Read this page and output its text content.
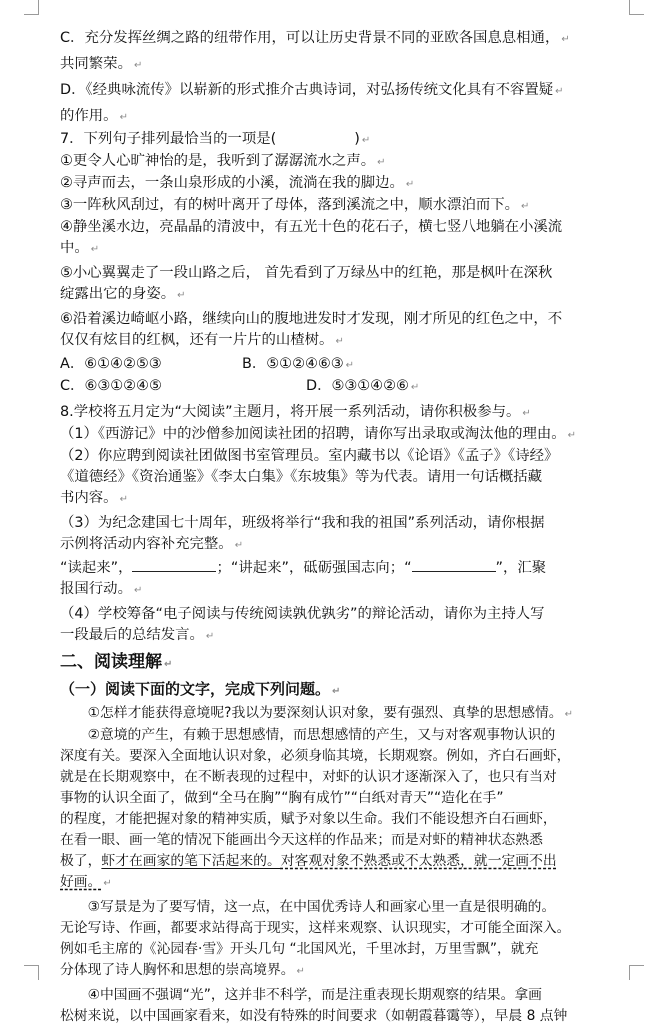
C．充分发挥丝绸之路的纽带作用，可以让历史背景不同的亚欧各国息息相通， ↵

共同繁荣。 ↵

D．《经典咏流传》以崭新的形式推介古典诗词，对弘扬传统文化具有不容置疑 ↵

的作用。 ↵

7．下列句子排列最恰当的一项是(	) ↵

①更令人心旷神怡的是，我听到了潺潺流水之声。 ↵

②寻声而去，一条山泉形成的小溪，流淌在我的脚边。 ↵

③一阵秋风刮过，有的树叶离开了母体，落到溪流之中，顺水漂泊而下。 ↵

④静坐溪水边，亮晶晶的清波中，有五光十色的花石子，横七竖八地躺在小溪流

中。 ↵

⑤小心翼翼走了一段山路之后， 首先看到了万绿丛中的红艳，那是枫叶在深秋

绽露出它的身姿。 ↵

⑥沿着溪边崎岖小路，继续向山的腹地进发时才发现，刚才所见的红色之中，不

仅仅有炫目的红枫，还有一片片的山楂树。 ↵

A．⑥①④②⑤③	B．⑤①②④⑥③ ↵

C．⑥③①②④⑤	D．⑤③①④②⑥ ↵

8.学校将五月定为“大阅读”主题月，将开展一系列活动，请你积极参与。 ↵

（1）《西游记》中的沙僧参加阅读社团的招聘，请你写出录取或淘汰他的理由。 ↵

（2）你应聘到阅读社团做图书室管理员。室内藏书以《论语》《孟子》《诗经》

《道德经》《资治通鉴》《李太白集》《东坡集》等为代表。请用一句话概括藏

书内容。 ↵

（3）为纪念建国七十周年，班级将举行“我和我的祖国”系列活动，请你根据

示例将活动内容补充完整。 ↵

“读起来”，	；“讲起来”，砥砺强国志向；“	”，汇聚

报国行动。 ↵

（4）学校筹备“电子阅读与传统阅读孰优孰劣”的辩论活动，请你为主持人写

一段最后的总结发言。 ↵

二、阅读理解 ↵

（一）阅读下面的文字，完成下列问题。 ↵

①怎样才能获得意境呢?我以为要深刻认识对象，要有强烈、真挚的思想感情。 ↵

②意境的产生，有赖于思想感情，而思想感情的产生，又与对客观事物认识的

深度有关。要深入全面地认识对象，必须身临其境，长期观察。例如，齐白石画虾，

就是在长期观察中，在不断表现的过程中，对虾的认识才逐渐深入了，也只有当对

事物的认识全面了，做到“全马在胸”“胸有成竹”“白纸对青天”“造化在手”

的程度，才能把握对象的精神实质，赋予对象以生命。我们不能设想齐白石画虾，

在看一眼、画一笔的情况下能画出今天这样的作品来；而是对虾的精神状态熟悉

极了，虾才在画家的笔下活起来的。对客观对象不熟悉或不太熟悉，就一定画不出

好画。 ↵

③写景是为了要写情，这一点，在中国优秀诗人和画家心里一直是很明确的。

无论写诗、作画，都要求站得高于现实，这样来观察、认识现实，才可能全面深入。

例如毛主席的《沁园春·雪》开头几句 “北国风光，千里冰封，万里雪飘”，就充

分体现了诗人胸怀和思想的崇高境界。 ↵

④中国画不强调“光”，这并非不科学，而是注重表现长期观察的结果。拿画

松树来说，以中国画家看来，如没有特殊的时间要求（如朝霞暮霭等），早晨 8 点钟
